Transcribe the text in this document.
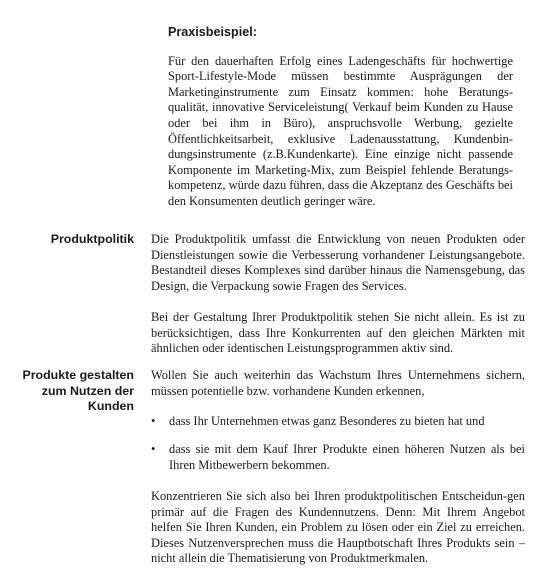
Praxisbeispiel:

Für den dauerhaften Erfolg eines Ladengeschäfts für hochwertige Sport-Lifestyle-Mode müssen bestimmte Ausprägungen der Marketinginstrumente zum Einsatz kommen: hohe Beratungs-qualität, innovative Serviceleistung( Verkauf beim Kunden zu Hause oder bei ihm in Büro), anspruchsvolle Werbung, gezielte Öffentlichkeitsarbeit, exklusive Ladenausstattung, Kundenbin-dungsinstrumente (z.B.Kundenkarte). Eine einzige nicht passende Komponente im Marketing-Mix, zum Beispiel fehlende Beratungs-kompetenz, würde dazu führen, dass die Akzeptanz des Geschäfts bei den Konsumenten deutlich geringer wäre.

Produktpolitik Die Produktpolitik umfasst die Entwicklung von neuen Produkten oder Dienstleistungen sowie die Verbesserung vorhandener Leistungsangebote. Bestandteil dieses Komplexes sind darüber hinaus die Namensgebung, das Design, die Verpackung sowie Fragen des Services.

Bei der Gestaltung Ihrer Produktpolitik stehen Sie nicht allein. Es ist zu berücksichtigen, dass Ihre Konkurrenten auf den gleichen Märkten mit ähnlichen oder identischen Leistungsprogrammen aktiv sind.

Produkte gestalten
zum Nutzen der
Kunden

Wollen Sie auch weiterhin das Wachstum Ihres Unternehmens sichern, müssen potentielle bzw. vorhandene Kunden erkennen,

• dass Ihr Unternehmen etwas ganz Besonderes zu bieten hat und
• dass sie mit dem Kauf Ihrer Produkte einen höheren Nutzen als bei Ihren Mitbewerbern bekommen.

Konzentrieren Sie sich also bei Ihren produktpolitischen Entscheidun-gen primär auf die Fragen des Kundennutzens. Denn: Mit Ihrem Angebot helfen Sie Ihren Kunden, ein Problem zu lösen oder ein Ziel zu erreichen. Dieses Nutzenversprechen muss die Hauptbotschaft Ihres Produkts sein – nicht allein die Thematisierung von Produktmerkmalen.
